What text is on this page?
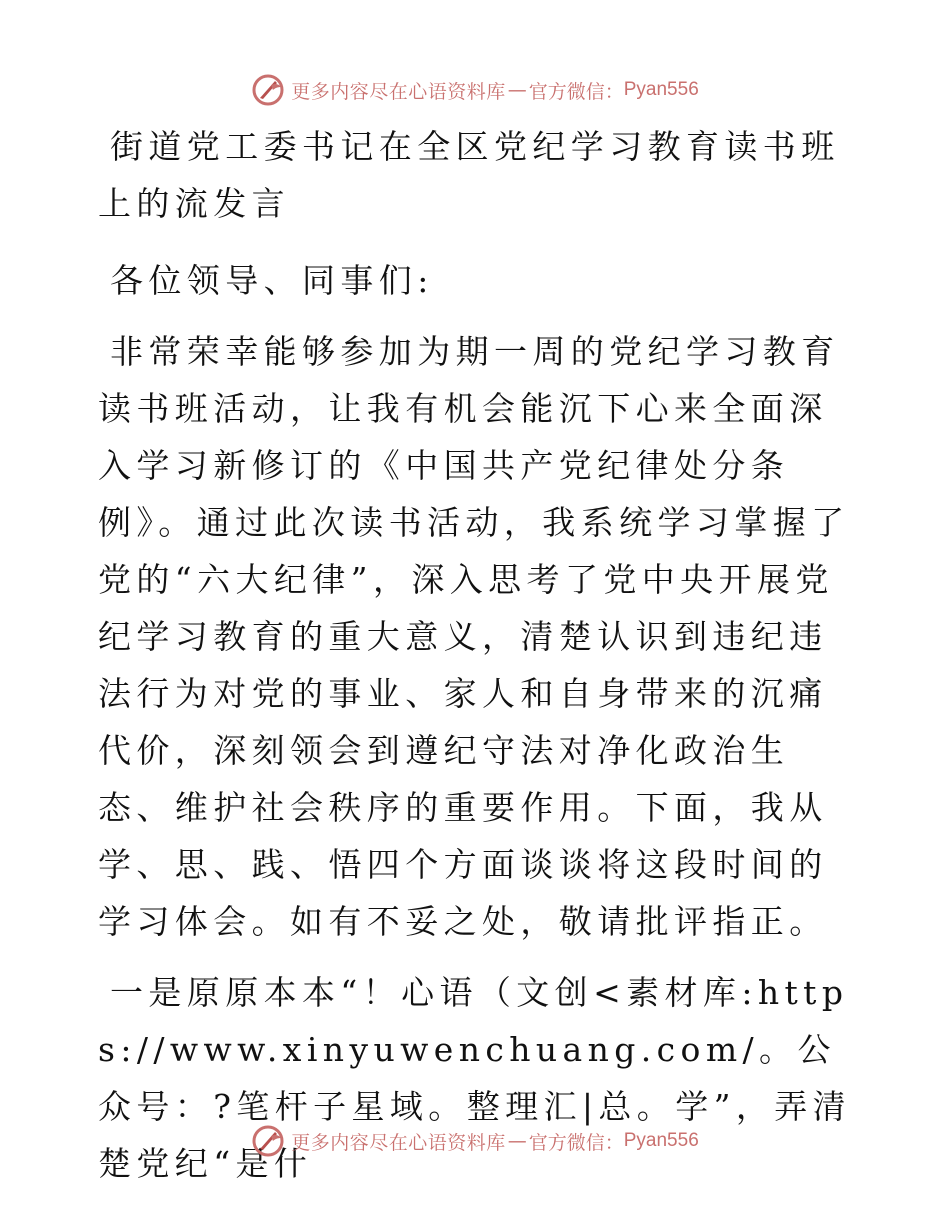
更多内容尽在心语资料库 — 官方微信： Pyan556

街道党工委书记在全区党纪学习教育读书班上的流发言

各位领导、同事们:

非常荣幸能够参加为期一周的党纪学习教育读书班活动，让我有机会能沉下心来全面深入学习新修订的《中国共产党纪律处分条例》。通过此次读书活动，我系统学习掌握了党的“六大纪律”，深入思考了党中央开展党纪学习教育的重大意义，清楚认识到违纪违法行为对党的事业、家人和自身带来的沉痛代价，深刻领会到遵纪守法对净化政治生态、维护社会秩序的重要作用。下面，我从学、思、践、悟四个方面谈谈将这段时间的学习体会。如有不妥之处，敬请批评指正。

一是原原本本“！心语（文创<素材库:https://www.xinyuwenchuang.com/。公众号：?笔杆子星域。整理汇|总。学”，弄清楚党纪“是什

更多内容尽在心语资料库 — 官方微信： Pyan556
